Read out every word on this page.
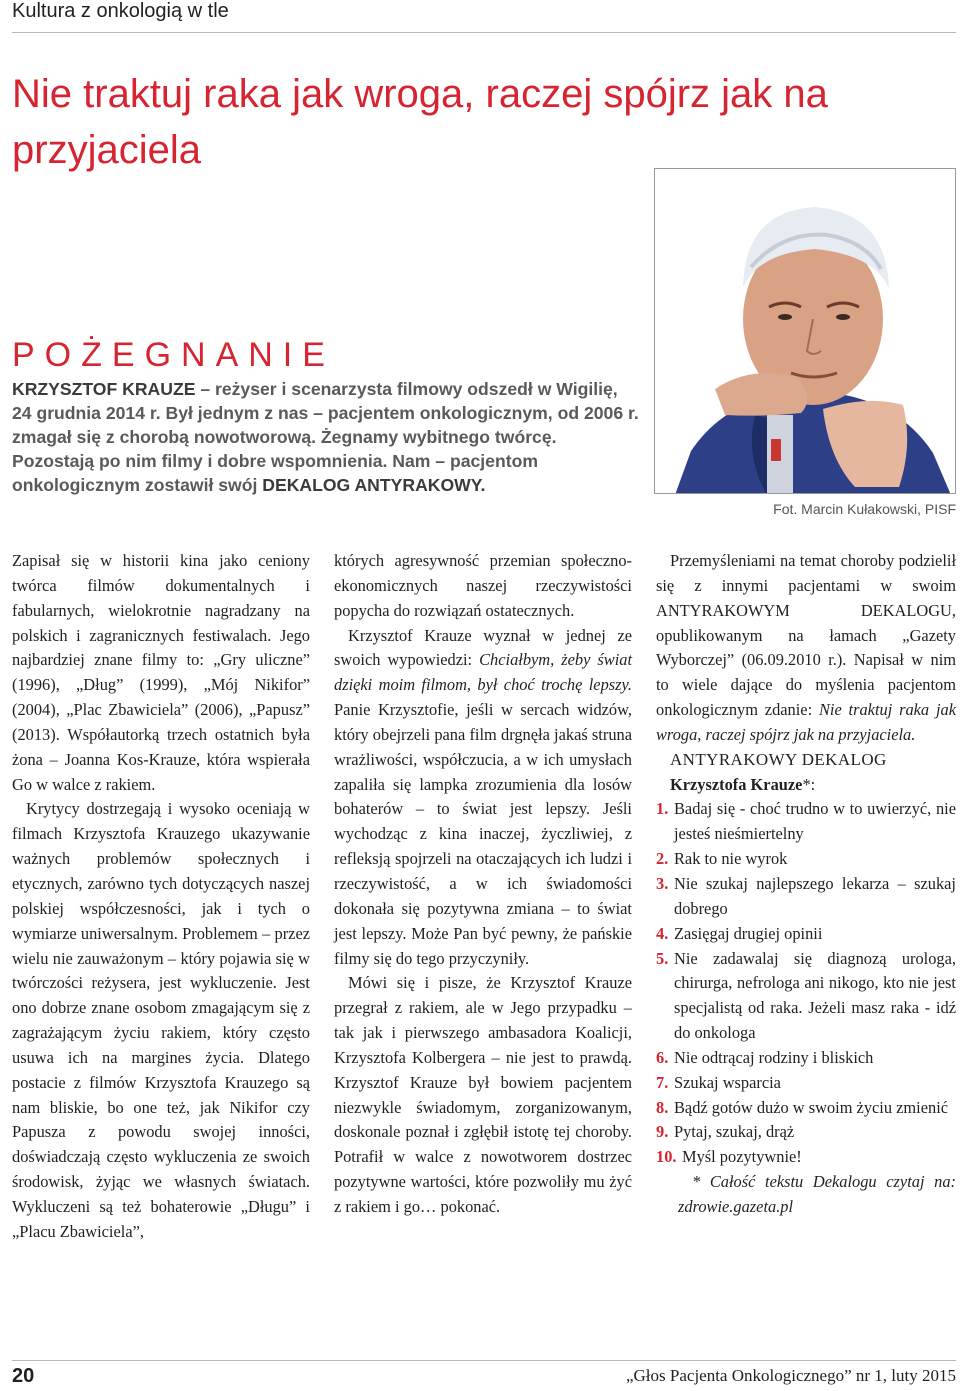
Kultura z onkologią w tle
Nie traktuj raka jak wroga, raczej spójrz jak na przyjaciela
POŻEGNANIE

KRZYSZTOF KRAUZE – reżyser i scenarzysta filmowy odszedł w Wigilię, 24 grudnia 2014 r. Był jednym z nas – pacjentem onkologicznym, od 2006 r. zmagał się z chorobą nowotworową. Żegnamy wybitnego twórcę. Pozostają po nim filmy i dobre wspomnienia. Nam – pacjentom onkologicznym zostawił swój DEKALOG ANTYRAKOWY.

Fot. Marcin Kułakowski, PISF

Zapisał się w historii kina jako ceniony twórca filmów dokumentalnych i fabularnych, wielokrotnie nagradzany na polskich i zagranicznych festiwalach. Jego najbardziej znane filmy to: „Gry uliczne” (1996), „Dług” (1999), „Mój Nikifor” (2004), „Plac Zbawiciela” (2006), „Papusz” (2013). Współautorką trzech ostatnich była żona – Joanna Kos-Krauze, która wspierała Go w walce z rakiem.

Krytycy dostrzegają i wysoko oceniają w filmach Krzysztofa Krauzego ukazywanie ważnych problemów społecznych i etycznych, zarówno tych dotyczących naszej polskiej współczesności, jak i tych o wymiarze uniwersalnym. Problemem – przez wielu nie zauważonym – który pojawia się w twórczości reżysera, jest wykluczenie. Jest ono dobrze znane osobom zmagającym się z zagrażającym życiu rakiem, który często usuwa ich na margines życia. Dlatego postacie z filmów Krzysztofa Krauzego są nam bliskie, bo one też, jak Nikifor czy Papusza z powodu swojej inności, doświadczają często wykluczenia ze swoich środowisk, żyjąc we własnych światach. Wykluczeni są też bohaterowie „Długu” i „Placu Zbawiciela”,

których agresywność przemian społeczno-ekonomicznych naszej rzeczywistości popycha do rozwiązań ostatecznych.

Krzysztof Krauze wyznał w jednej ze swoich wypowiedzi: Chciałbym, żeby świat dzięki moim filmom, był choć trochę lepszy. Panie Krzysztofie, jeśli w sercach widzów, który obejrzeli pana film drgnęła jakaś struna wrażliwości, współczucia, a w ich umysłach zapaliła się lampka zrozumienia dla losów bohaterów – to świat jest lepszy. Jeśli wychodząc z kina inaczej, życzliwiej, z refleksją spojrzeli na otaczających ich ludzi i rzeczywistość, a w ich świadomości dokonała się pozytywna zmiana – to świat jest lepszy. Może Pan być pewny, że pańskie filmy się do tego przyczyniły.

Mówi się i pisze, że Krzysztof Krauze przegrał z rakiem, ale w Jego przypadku – tak jak i pierwszego ambasadora Koalicji, Krzysztofa Kolbergera – nie jest to prawdą. Krzysztof Krauze był bowiem pacjentem niezwykle świadomym, zorganizowanym, doskonale poznał i zgłębił istotę tej choroby. Potrafił w walce z nowotworem dostrzec pozytywne wartości, które pozwoliły mu żyć z rakiem i go… pokonać.

Przemyśleniami na temat choroby podzielił się z innymi pacjentami w swoim ANTYRAKOWYM DEKALOGU, opublikowanym na łamach „Gazety Wyborczej” (06.09.2010 r.). Napisał w nim to wiele dające do myślenia pacjentom onkologicznym zdanie: Nie traktuj raka jak wroga, raczej spójrz jak na przyjaciela.

ANTYRAKOWY DEKALOG

Krzysztofa Krauze*:

1. Badaj się - choć trudno w to uwierzyć, nie jesteś nieśmiertelny
2. Rak to nie wyrok
3. Nie szukaj najlepszego lekarza – szukaj dobrego
4. Zasięgaj drugiej opinii
5. Nie zadawalaj się diagnozą urologa, chirurga, nefrologa ani nikogo, kto nie jest specjalistą od raka. Jeżeli masz raka - idź do onkologa
6. Nie odtrącaj rodziny i bliskich
7. Szukaj wsparcia
8. Bądź gotów dużo w swoim życiu zmienić
9. Pytaj, szukaj, drąż
10. Myśl pozytywnie!

* Całość tekstu Dekalogu czytaj na: zdrowie.gazeta.pl

20	„Głos Pacjenta Onkologicznego” nr 1, luty 2015
